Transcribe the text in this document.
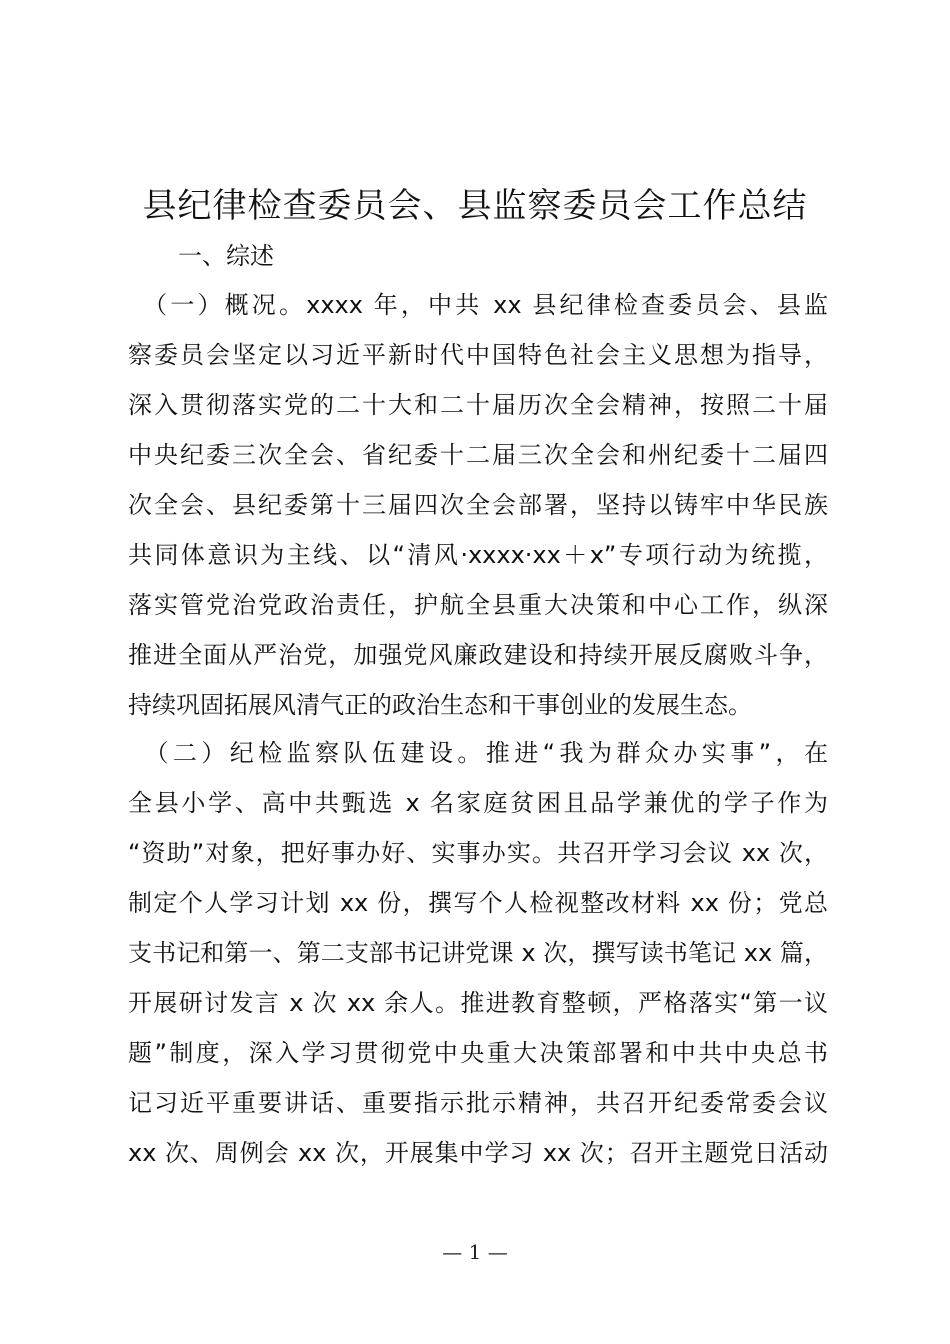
县纪律检查委员会、县监察委员会工作总结
一、综述
　（一）概况。xxxx 年，中共 xx 县纪律检查委员会、县监
察委员会坚定以习近平新时代中国特色社会主义思想为指导，
深入贯彻落实党的二十大和二十届历次全会精神，按照二十届
中央纪委三次全会、省纪委十二届三次全会和州纪委十二届四
次全会、县纪委第十三届四次全会部署，坚持以铸牢中华民族
共同体意识为主线、以“清风·xxxx·xx＋x”专项行动为统揽，
落实管党治党政治责任，护航全县重大决策和中心工作，纵深
推进全面从严治党，加强党风廉政建设和持续开展反腐败斗争，
持续巩固拓展风清气正的政治生态和干事创业的发展生态。
　（二）纪检监察队伍建设。推进“我为群众办实事”，在
全县小学、高中共甄选 x 名家庭贫困且品学兼优的学子作为
“资助”对象，把好事办好、实事办实。共召开学习会议 xx 次，
制定个人学习计划 xx 份，撰写个人检视整改材料 xx 份；党总
支书记和第一、第二支部书记讲党课 x 次，撰写读书笔记 xx 篇，
开展研讨发言 x 次 xx 余人。推进教育整顿，严格落实“第一议
题”制度，深入学习贯彻党中央重大决策部署和中共中央总书
记习近平重要讲话、重要指示批示精神，共召开纪委常委会议
xx 次、周例会 xx 次，开展集中学习 xx 次；召开主题党日活动
— 1 —
